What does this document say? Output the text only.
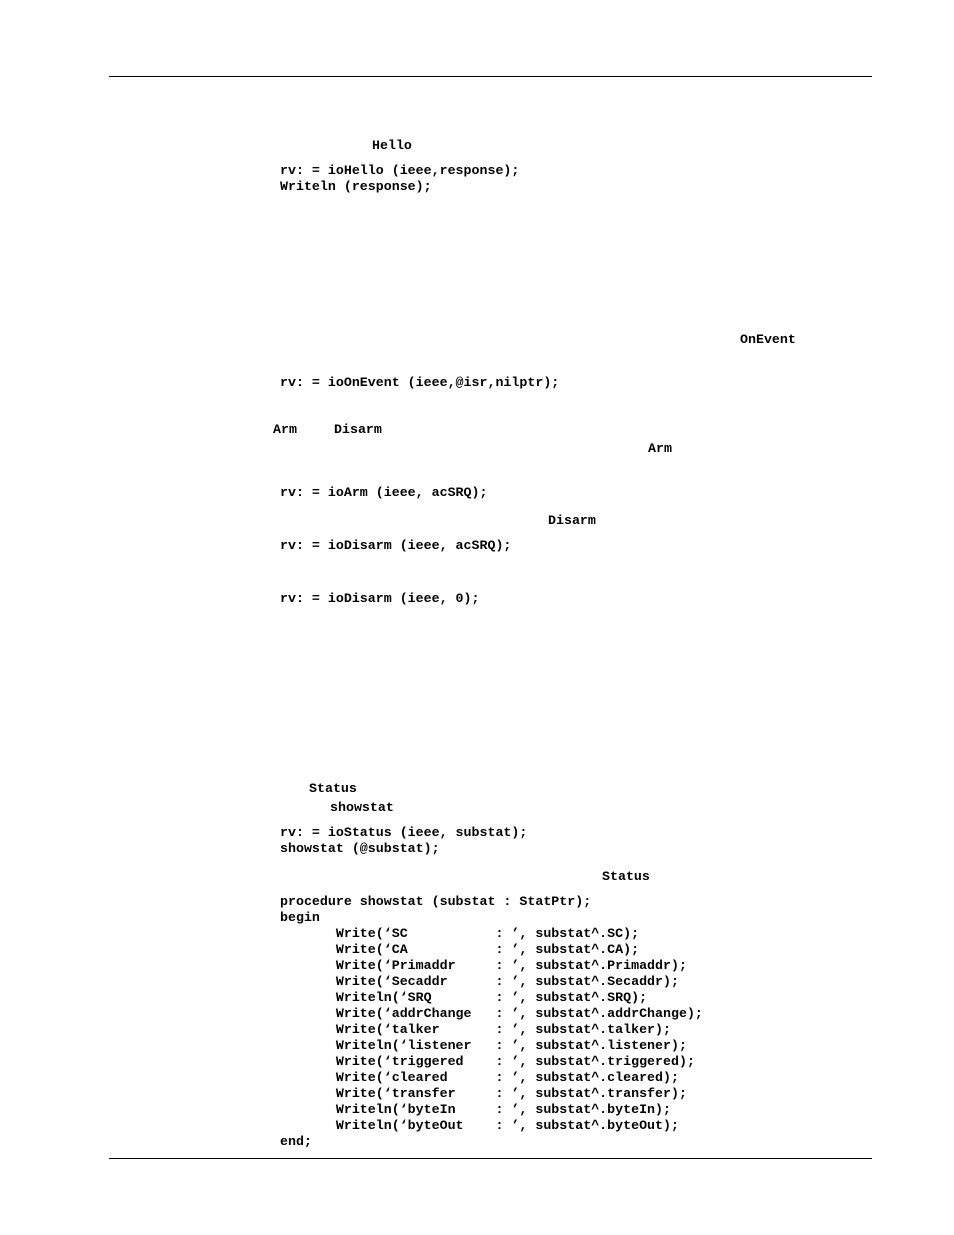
Hello
rv: = ioHello (ieee,response);
Writeln (response);
OnEvent
rv: = ioOnEvent (ieee,@isr,nilptr);
Arm	Disarm
Arm
rv: = ioArm (ieee, acSRQ);
Disarm
rv: = ioDisarm (ieee, acSRQ);
rv: = ioDisarm (ieee, 0);
Status
showstat
rv: = ioStatus (ieee, substat);
showstat (@substat);
Status
procedure showstat (substat : StatPtr);
begin
Write(‘SC           : ’, substat^.SC);
Write(‘CA           : ’, substat^.CA);
Write(‘Primaddr     : ’, substat^.Primaddr);
Write(‘Secaddr      : ’, substat^.Secaddr);
Writeln(‘SRQ        : ’, substat^.SRQ);
Write(‘addrChange   : ’, substat^.addrChange);
Write(‘talker       : ’, substat^.talker);
Writeln(‘listener   : ’, substat^.listener);
Write(‘triggered    : ’, substat^.triggered);
Write(‘cleared      : ’, substat^.cleared);
Write(‘transfer     : ’, substat^.transfer);
Writeln(‘byteIn     : ’, substat^.byteIn);
Writeln(‘byteOut    : ’, substat^.byteOut);
end;
